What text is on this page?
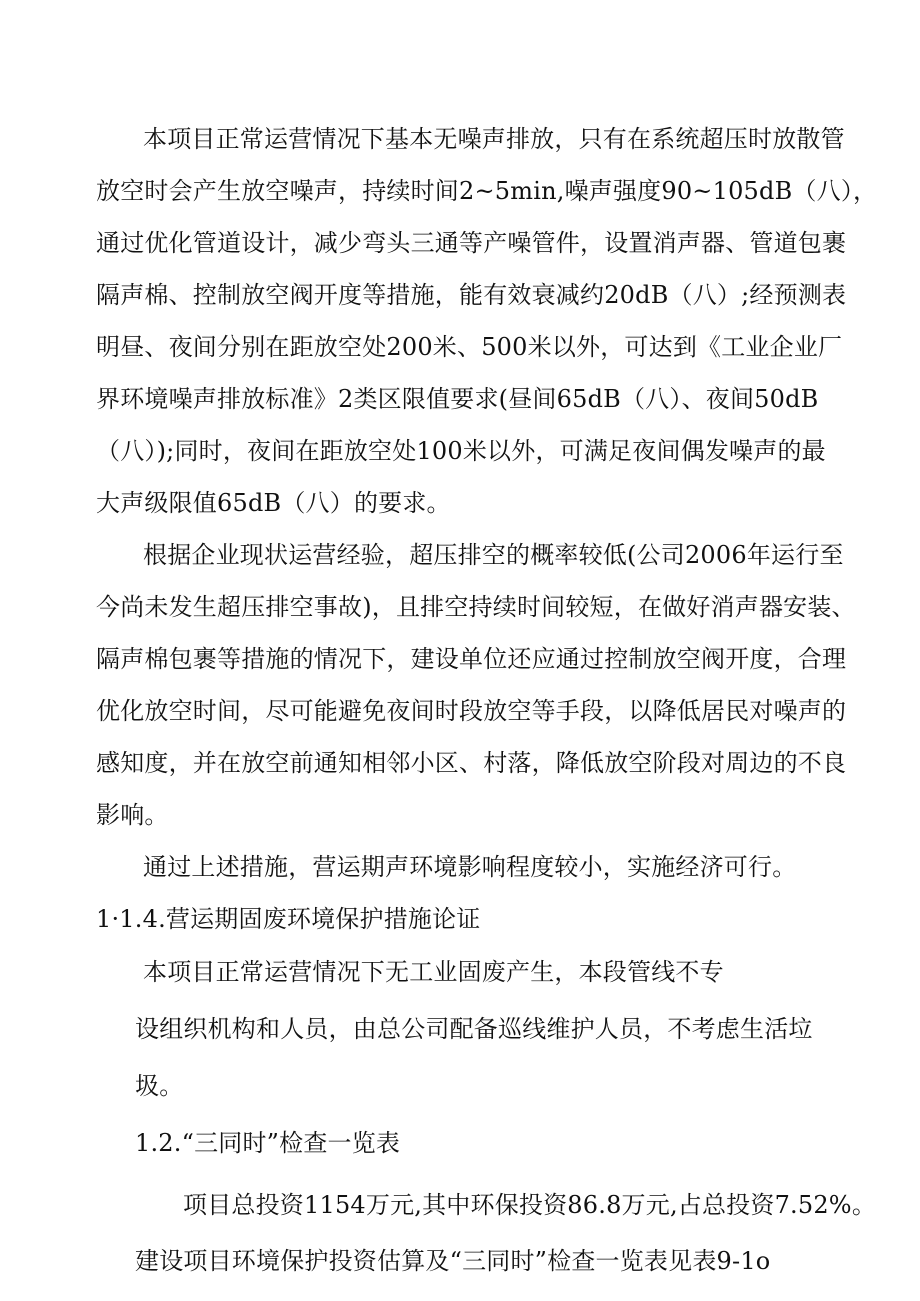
本项目正常运营情况下基本无噪声排放，只有在系统超压时放散管
放空时会产生放空噪声，持续时间2~5min,噪声强度90~105dB（八），
通过优化管道设计，减少弯头三通等产噪管件，设置消声器、管道包裹
隔声棉、控制放空阀开度等措施，能有效衰减约20dB（八）;经预测表
明昼、夜间分别在距放空处200米、500米以外，可达到《工业企业厂
界环境噪声排放标准》2类区限值要求(昼间65dB（八）、夜间50dB
（八）);同时，夜间在距放空处100米以外，可满足夜间偶发噪声的最
大声级限值65dB（八）的要求。
根据企业现状运营经验，超压排空的概率较低(公司2006年运行至
今尚未发生超压排空事故)，且排空持续时间较短，在做好消声器安装、
隔声棉包裹等措施的情况下，建设单位还应通过控制放空阀开度，合理
优化放空时间，尽可能避免夜间时段放空等手段，以降低居民对噪声的
感知度，并在放空前通知相邻小区、村落，降低放空阶段对周边的不良
影响。
通过上述措施，营运期声环境影响程度较小，实施经济可行。
1·1.4.营运期固废环境保护措施论证
本项目正常运营情况下无工业固废产生，本段管线不专
设组织机构和人员，由总公司配备巡线维护人员，不考虑生活垃
圾。
1.2.“三同时”检查一览表
项目总投资1154万元,其中环保投资86.8万元,占总投资7.52%。
建设项目环境保护投资估算及“三同时”检查一览表见表9-1o
